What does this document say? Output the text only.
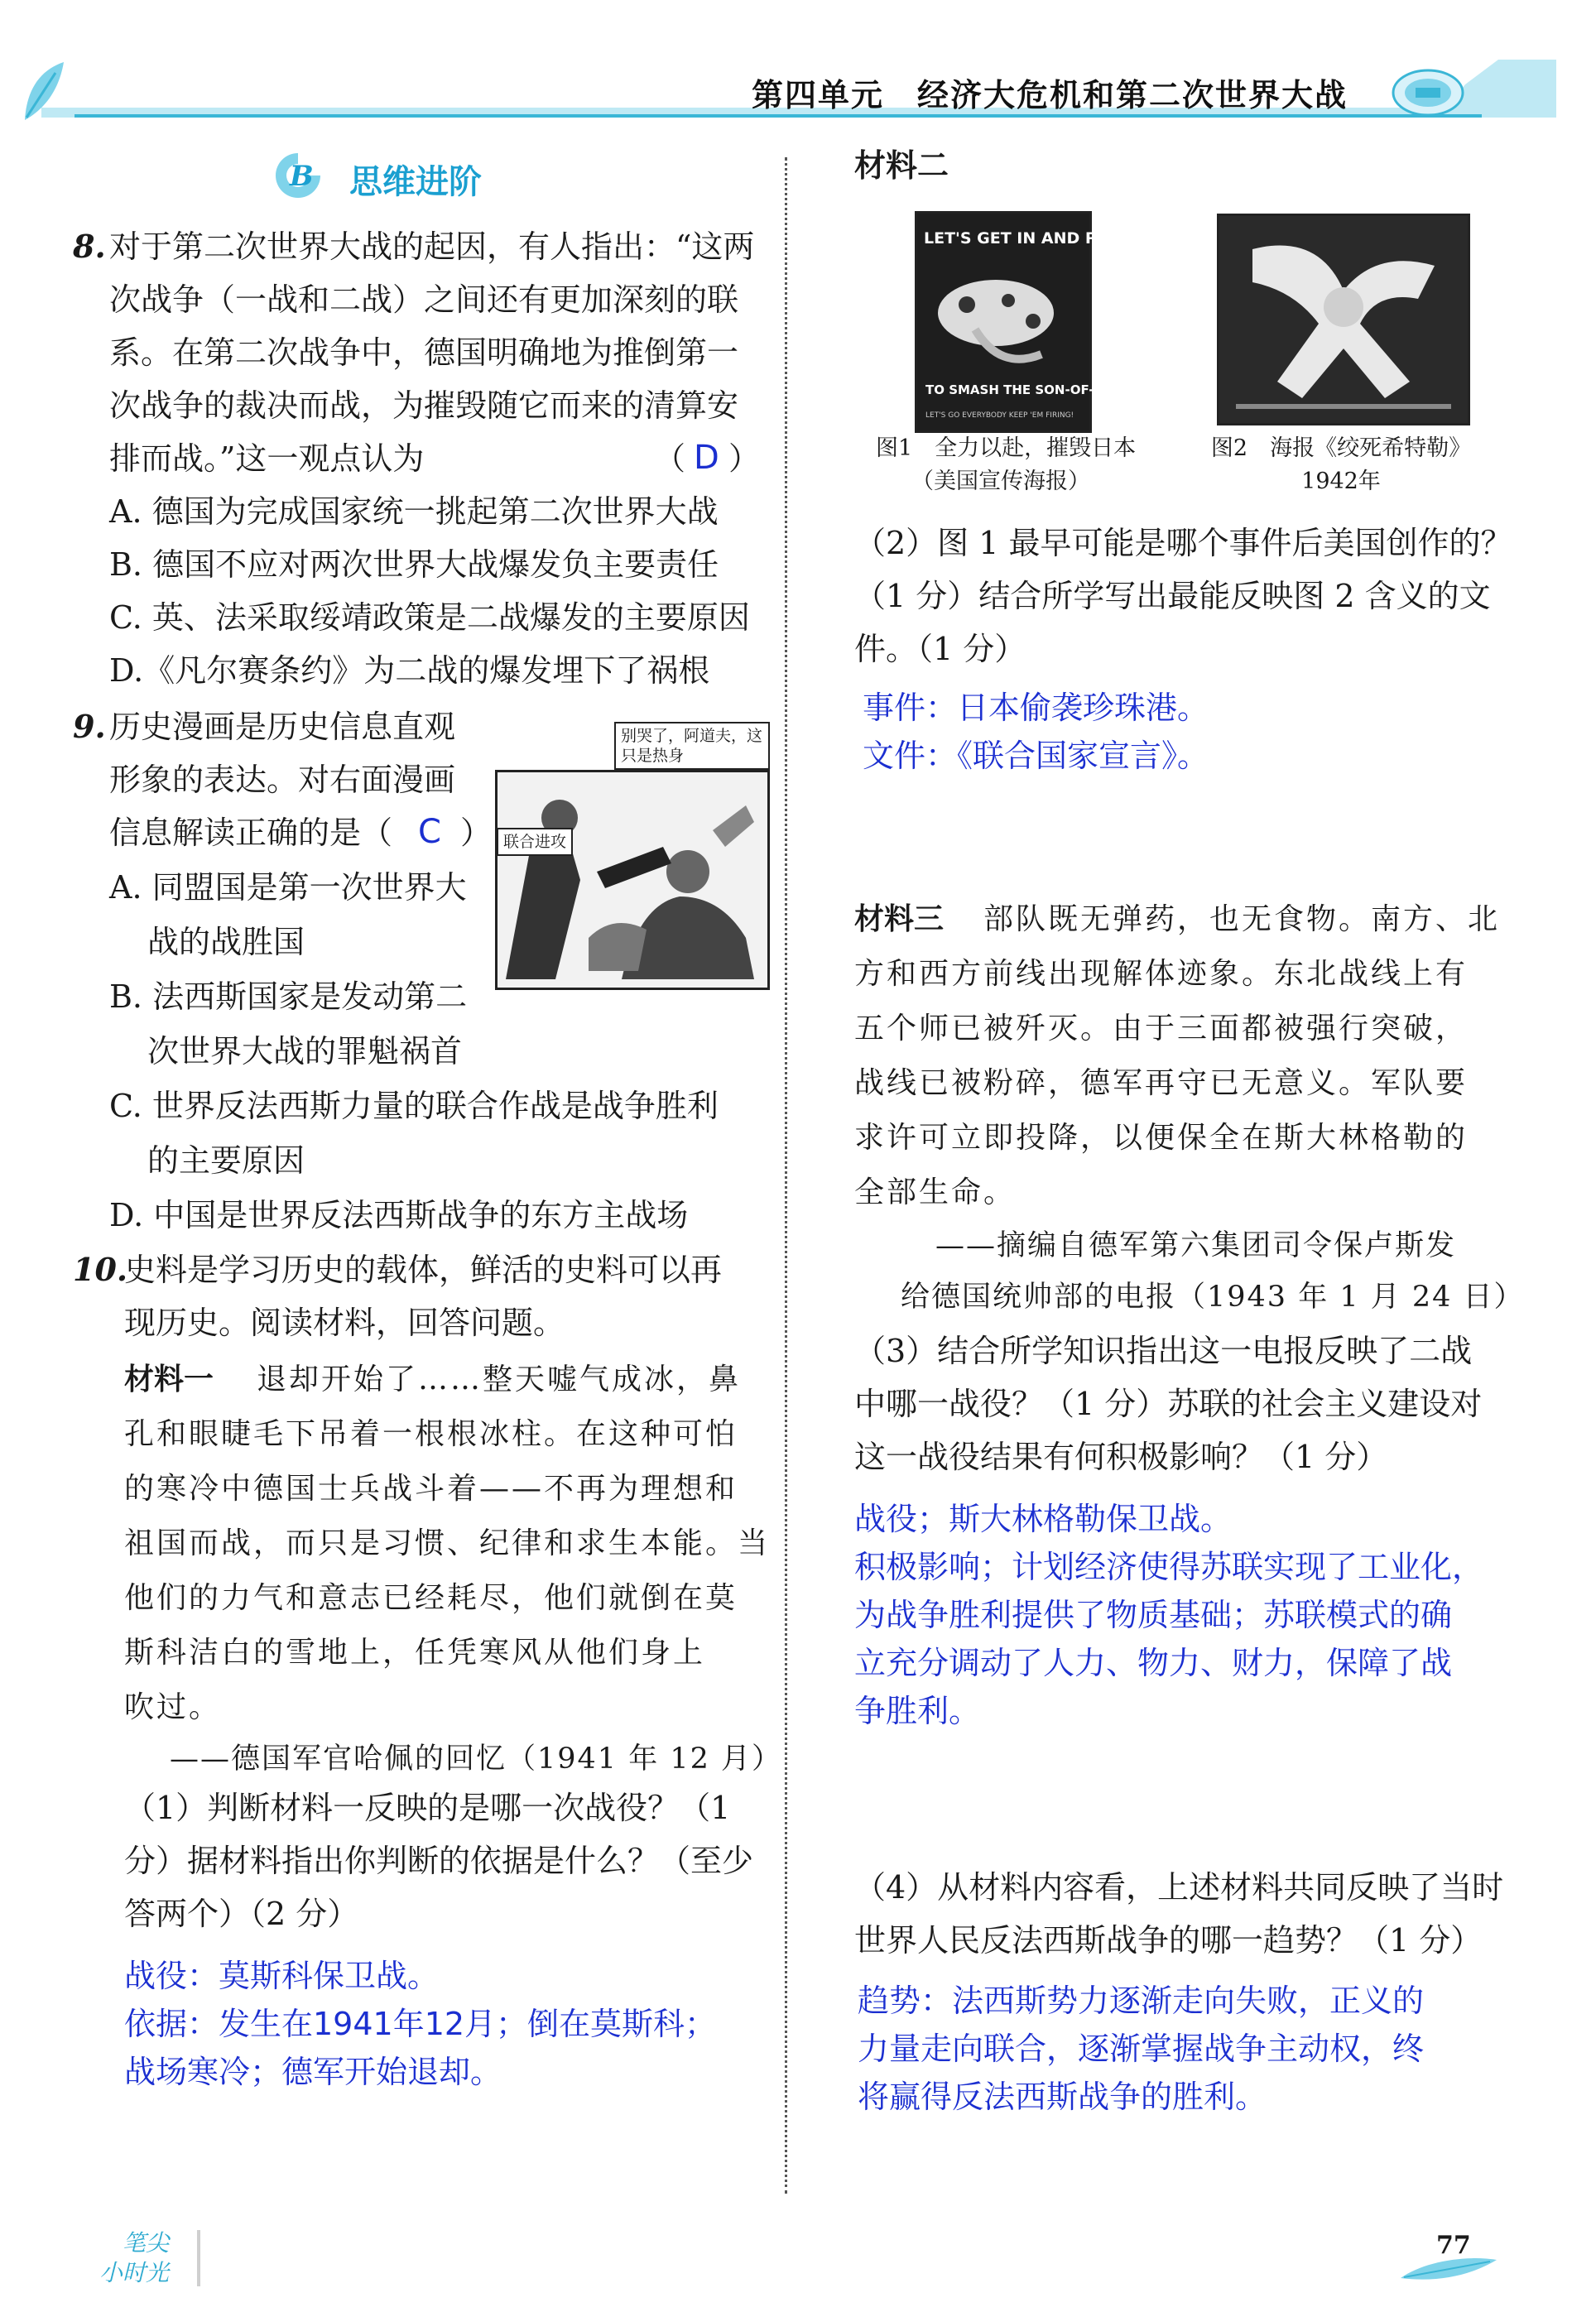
第四单元　经济大危机和第二次世界大战
B 思维进阶
8. 对于第二次世界大战的起因，有人指出：“这两
次战争（一战和二战）之间还有更加深刻的联
系。在第二次战争中，德国明确地为推倒第一
次战争的裁决而战，为摧毁随它而来的清算安
排而战。”这一观点认为	（ D ）
A. 德国为完成国家统一挑起第二次世界大战
B. 德国不应对两次世界大战爆发负主要责任
C. 英、法采取绥靖政策是二战爆发的主要原因
D.《凡尔赛条约》为二战的爆发埋下了祸根
9. 历史漫画是历史信息直观
形象的表达。对右面漫画
信息解读正确的是（ C ）
A. 同盟国是第一次世界大
战的战胜国
B. 法西斯国家是发动第二
次世界大战的罪魁祸首
C. 世界反法西斯力量的联合作战是战争胜利
的主要原因
D. 中国是世界反法西斯战争的东方主战场
别哭了，阿道夫，这只是热身
联合进攻
10.
史料是学习历史的载体，鲜活的史料可以再
现历史。阅读材料，回答问题。
材料一 退却开始了……整天嘘气成冰，鼻
孔和眼睫毛下吊着一根根冰柱。在这种可怕
的寒冷中德国士兵战斗着——不再为理想和
祖国而战，而只是习惯、纪律和求生本能。当
他们的力气和意志已经耗尽，他们就倒在莫
斯科洁白的雪地上，任凭寒风从他们身上
吹过。
——德国军官哈佩的回忆（1941 年 12 月）
（1）判断材料一反映的是哪一次战役？（1
分）据材料指出你判断的依据是什么？（至少
答两个）（2 分）
战役：莫斯科保卫战。
依据：发生在1941年12月；倒在莫斯科；
战场寒冷；德军开始退却。
材料二
LET'S GET IN AND PITCH—
TO SMASH THE SON-OF-A-SUN!
LET'S GO EVERYBODY KEEP 'EM FIRING!
图1　全力以赴，摧毁日本
（美国宣传海报）
图2　海报《绞死希特勒》
1942年
（2）图 1 最早可能是哪个事件后美国创作的？
（1 分）结合所学写出最能反映图 2 含义的文
件。（1 分）
事件：日本偷袭珍珠港。
文件：《联合国家宣言》。
材料三 部队既无弹药，也无食物。南方、北
方和西方前线出现解体迹象。东北战线上有
五个师已被歼灭。由于三面都被强行突破，
战线已被粉碎，德军再守已无意义。军队要
求许可立即投降，以便保全在斯大林格勒的
全部生命。
——摘编自德军第六集团司令保卢斯发
给德国统帅部的电报（1943 年 1 月 24 日）
（3）结合所学知识指出这一电报反映了二战
中哪一战役？（1 分）苏联的社会主义建设对
这一战役结果有何积极影响？（1 分）
战役；斯大林格勒保卫战。
积极影响；计划经济使得苏联实现了工业化，
为战争胜利提供了物质基础；苏联模式的确
立充分调动了人力、物力、财力，保障了战
争胜利。
（4）从材料内容看，上述材料共同反映了当时
世界人民反法西斯战争的哪一趋势？（1 分）
趋势：法西斯势力逐渐走向失败，正义的
力量走向联合，逐渐掌握战争主动权，终
将赢得反法西斯战争的胜利。
笔尖
小时光
77
